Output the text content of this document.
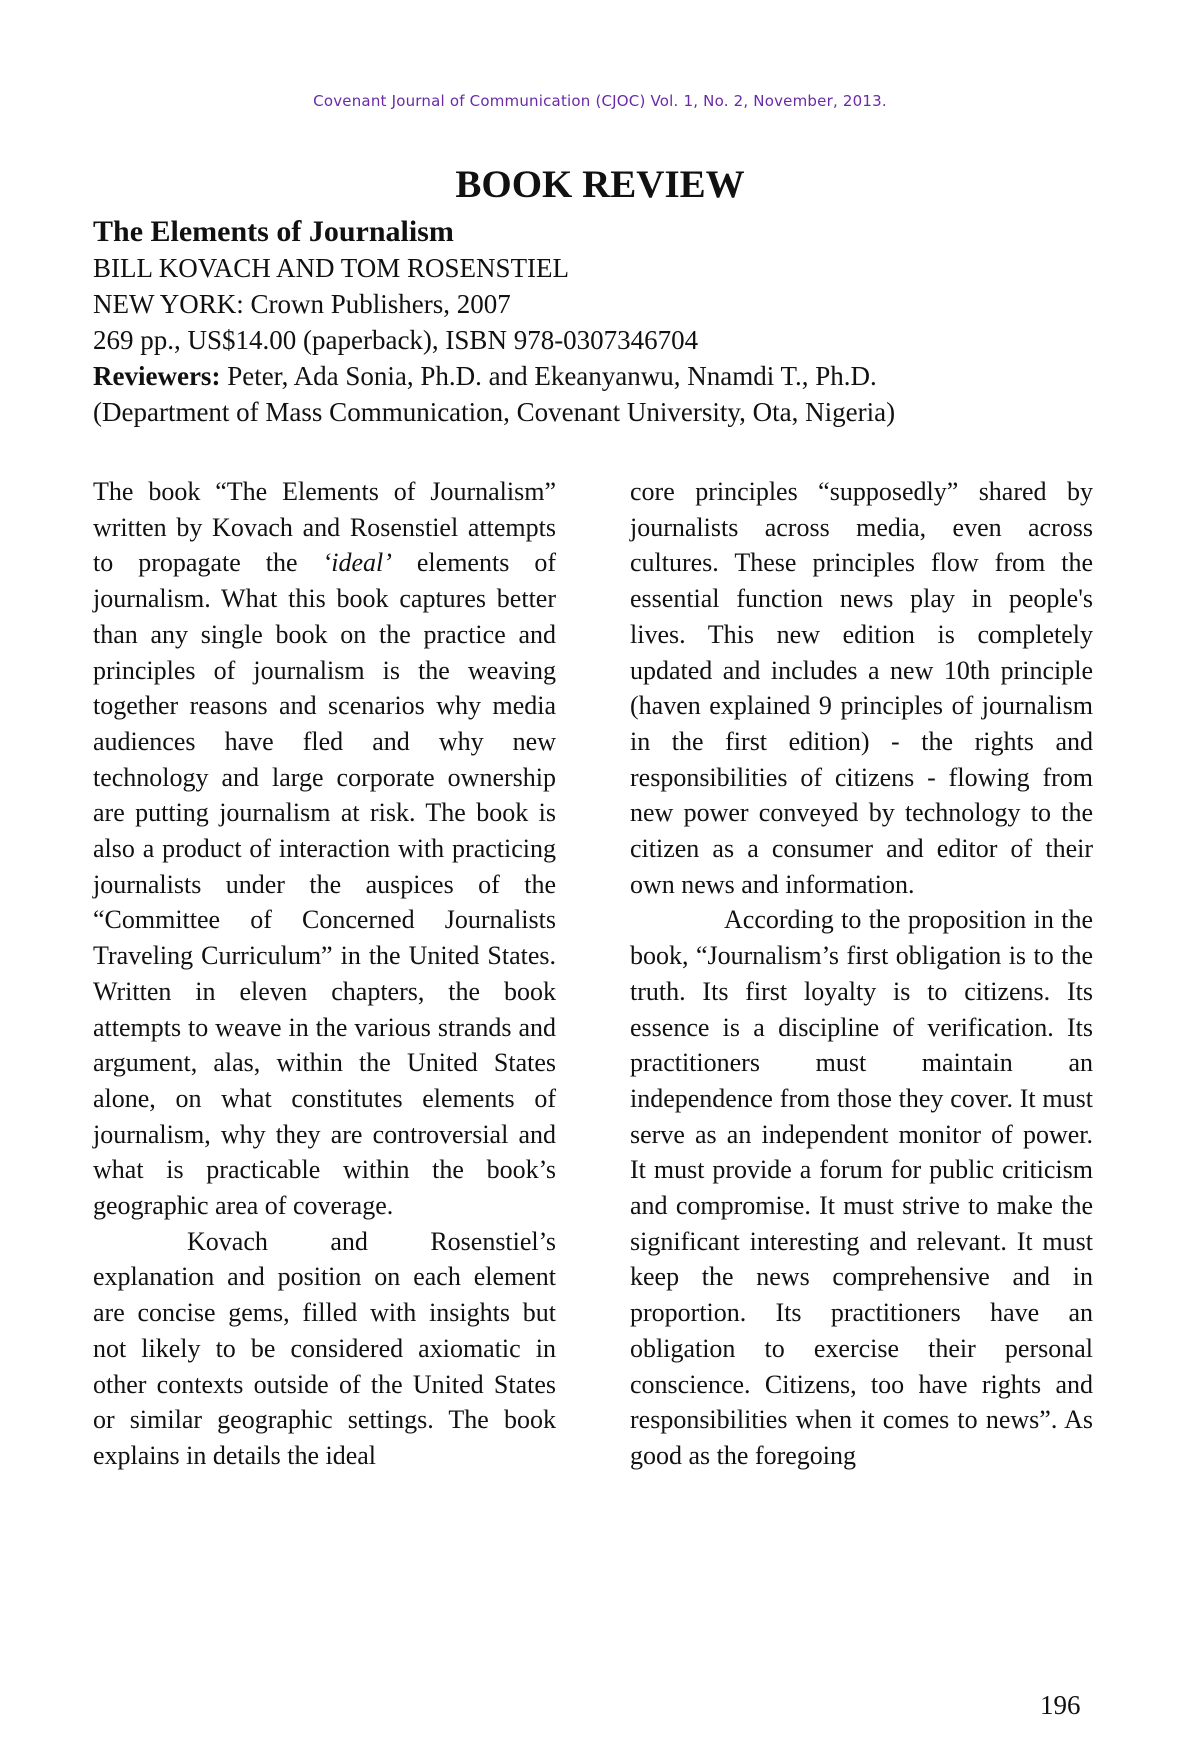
Covenant Journal of Communication (CJOC) Vol. 1, No. 2, November, 2013.
BOOK REVIEW
The Elements of Journalism
BILL KOVACH AND TOM ROSENSTIEL
NEW YORK: Crown Publishers, 2007
269 pp., US$14.00 (paperback), ISBN 978-0307346704
Reviewers: Peter, Ada Sonia, Ph.D. and Ekeanyanwu, Nnamdi T., Ph.D.
(Department of Mass Communication, Covenant University, Ota, Nigeria)

The book “The Elements of Journalism” written by Kovach and Rosenstiel attempts to propagate the ‘ideal’ elements of journalism. What this book captures better than any single book on the practice and principles of journalism is the weaving together reasons and scenarios why media audiences have fled and why new technology and large corporate ownership are putting journalism at risk. The book is also a product of interaction with practicing journalists under the auspices of the “Committee of Concerned Journalists Traveling Curriculum” in the United States. Written in eleven chapters, the book attempts to weave in the various strands and argument, alas, within the United States alone, on what constitutes elements of journalism, why they are controversial and what is practicable within the book’s geographic area of coverage.

Kovach and Rosenstiel’s explanation and position on each element are concise gems, filled with insights but not likely to be considered axiomatic in other contexts outside of the United States or similar geographic settings. The book explains in details the ideal

core principles “supposedly” shared by journalists across media, even across cultures. These principles flow from the essential function news play in people's lives. This new edition is completely updated and includes a new 10th principle (haven explained 9 principles of journalism in the first edition) - the rights and responsibilities of citizens - flowing from new power conveyed by technology to the citizen as a consumer and editor of their own news and information.

According to the proposition in the book, “Journalism’s first obligation is to the truth. Its first loyalty is to citizens. Its essence is a discipline of verification. Its practitioners must maintain an independence from those they cover. It must serve as an independent monitor of power. It must provide a forum for public criticism and compromise. It must strive to make the significant interesting and relevant. It must keep the news comprehensive and in proportion. Its practitioners have an obligation to exercise their personal conscience. Citizens, too have rights and responsibilities when it comes to news”. As good as the foregoing

196
